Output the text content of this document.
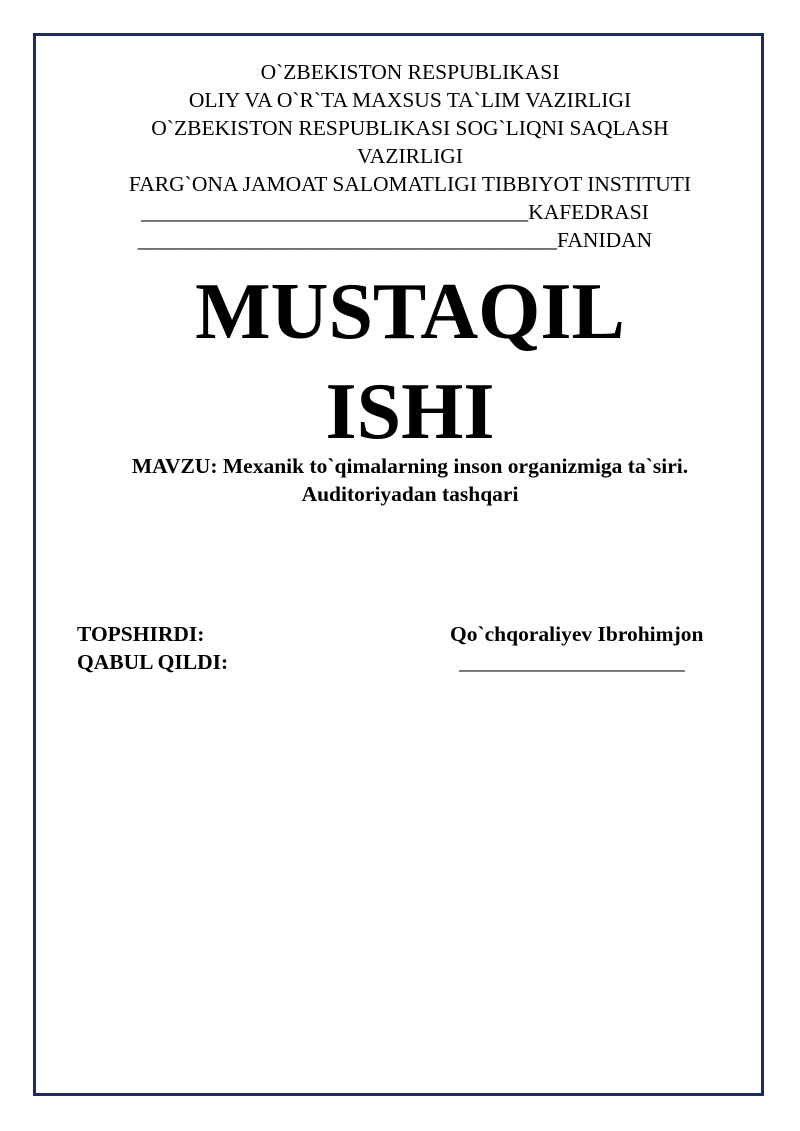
O`ZBEKISTON RESPUBLIKASI
OLIY VA O`R`TA MAXSUS TA`LIM VAZIRLIGI
O`ZBEKISTON RESPUBLIKASI SOG`LIQNI SAQLASH VAZIRLIGI
FARG`ONA JAMOAT SALOMATLIGI TIBBIYOT INSTITUTI
____________________________________KAFEDRASI
_______________________________________FANIDAN
MUSTAQIL
ISHI
MAVZU: Mexanik to`qimalarning inson organizmiga ta`siri.
Auditoriyadan tashqari
TOPSHIRDI:	Qo`chqoraliyev Ibrohimjon
QABUL QILDI:	_____________________
